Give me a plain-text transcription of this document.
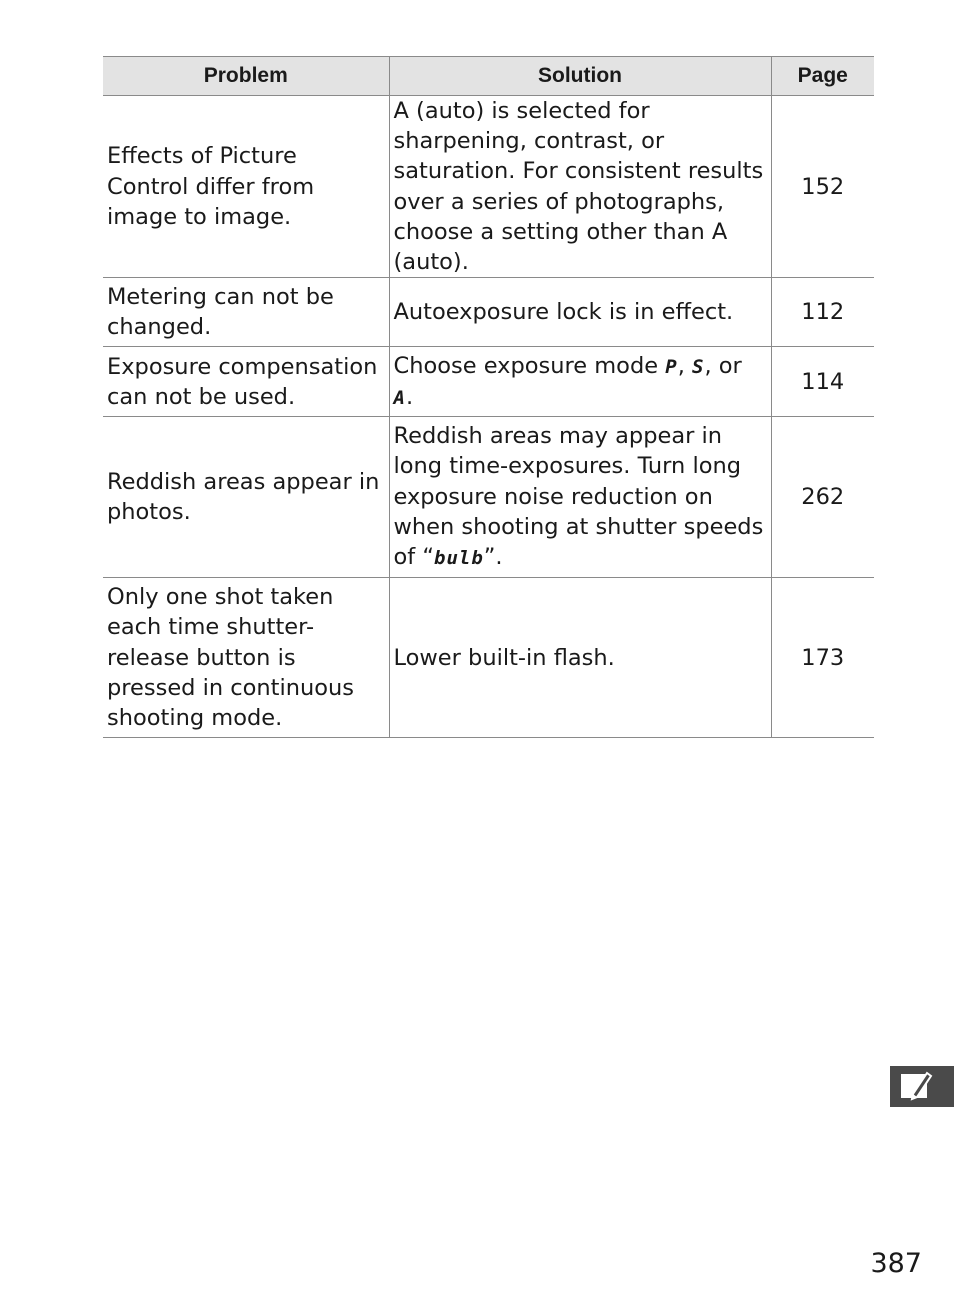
Problem	Solution	Page
Effects of Picture Control differ from image to image.	A (auto) is selected for sharpening, contrast, or saturation. For consistent results over a series of photographs, choose a setting other than A (auto).	152
Metering can not be changed.	Autoexposure lock is in effect.	112
Exposure compensation can not be used.	Choose exposure mode P, S, or A.	114
Reddish areas appear in photos.	Reddish areas may appear in long time-exposures. Turn long exposure noise reduction on when shooting at shutter speeds of “bulb”.	262
Only one shot taken each time shutter-release button is pressed in continuous shooting mode.	Lower built-in flash.	173
387
